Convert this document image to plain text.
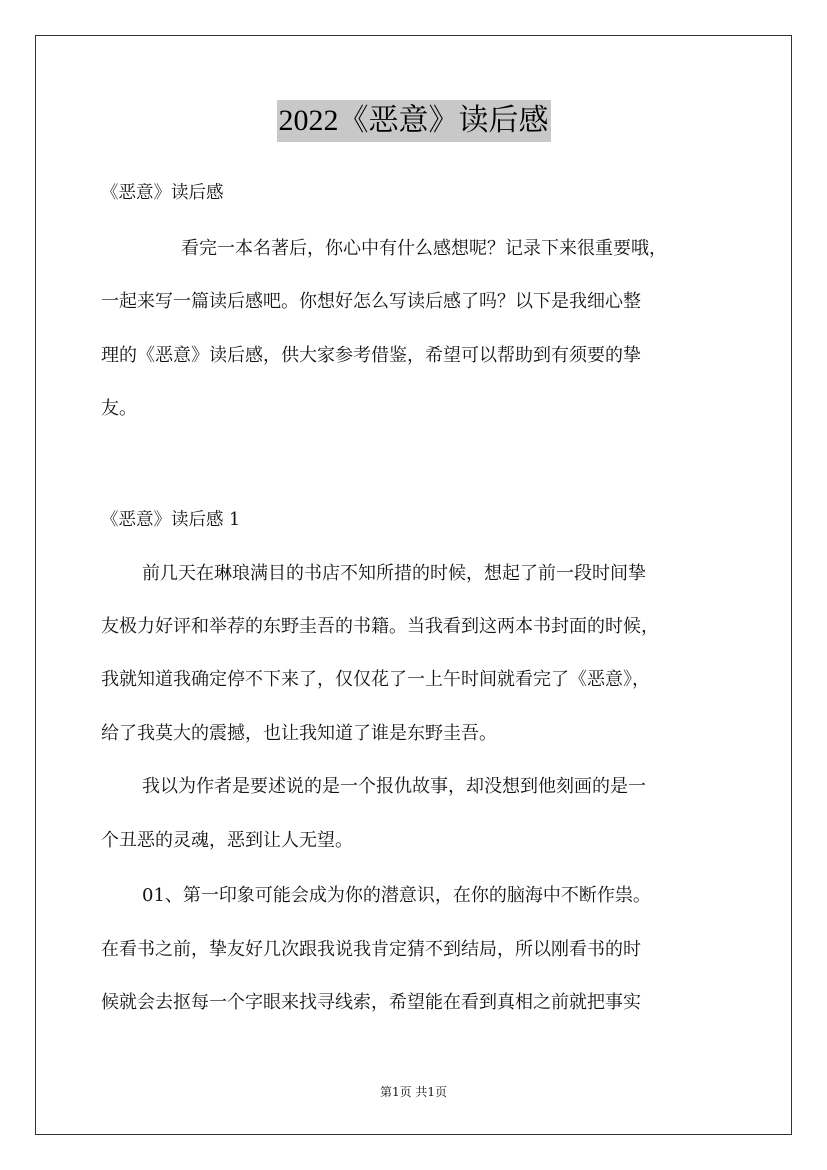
2022《恶意》读后感
《恶意》读后感
看完一本名著后，你心中有什么感想呢？记录下来很重要哦，
一起来写一篇读后感吧。你想好怎么写读后感了吗？以下是我细心整
理的《恶意》读后感，供大家参考借鉴，希望可以帮助到有须要的挚
友。
《恶意》读后感 1
前几天在琳琅满目的书店不知所措的时候，想起了前一段时间挚
友极力好评和举荐的东野圭吾的书籍。当我看到这两本书封面的时候，
我就知道我确定停不下来了，仅仅花了一上午时间就看完了《恶意》，
给了我莫大的震撼，也让我知道了谁是东野圭吾。
我以为作者是要述说的是一个报仇故事，却没想到他刻画的是一
个丑恶的灵魂，恶到让人无望。
01、第一印象可能会成为你的潜意识，在你的脑海中不断作祟。
在看书之前，挚友好几次跟我说我肯定猜不到结局，所以刚看书的时
候就会去抠每一个字眼来找寻线索，希望能在看到真相之前就把事实
第1页 共1页
